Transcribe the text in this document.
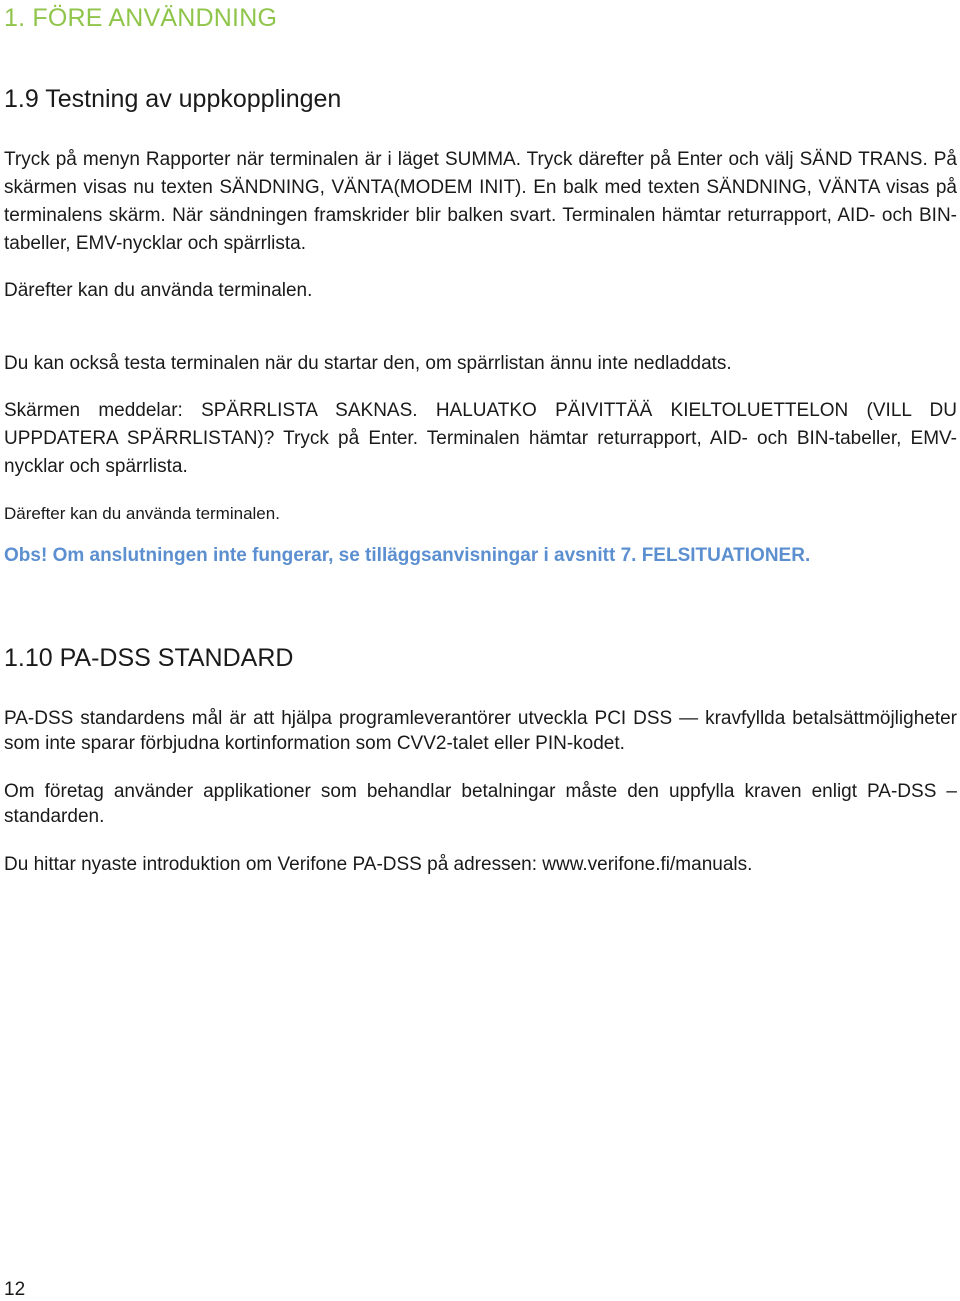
1. FÖRE ANVÄNDNING
1.9 Testning av uppkopplingen

Tryck på menyn Rapporter när terminalen är i läget SUMMA. Tryck därefter på Enter och välj SÄND TRANS. På skärmen visas nu texten SÄNDNING, VÄNTA(MODEM INIT). En balk med texten SÄNDNING, VÄNTA visas på terminalens skärm. När sändningen framskrider blir balken svart. Terminalen hämtar returrapport, AID- och BIN-tabeller, EMV-nycklar och spärrlista.

Därefter kan du använda terminalen.

Du kan också testa terminalen när du startar den, om spärrlistan ännu inte nedladdats.

Skärmen meddelar: SPÄRRLISTA SAKNAS. HALUATKO PÄIVITTÄÄ KIELTOLUETTELON (VILL DU UPPDATERA SPÄRRLISTAN)? Tryck på Enter. Terminalen hämtar returrapport, AID- och BIN-tabeller, EMV-nycklar och spärrlista.

Därefter kan du använda terminalen.

Obs! Om anslutningen inte fungerar, se tilläggsanvisningar i avsnitt 7. FELSITUATIONER.

1.10 PA-DSS STANDARD

PA-DSS standardens mål är att hjälpa programleverantörer utveckla PCI DSS — kravfyllda betalsättmöjligheter som inte sparar förbjudna kortinformation som CVV2-talet eller PIN-kodet.

Om företag använder applikationer som behandlar betalningar måste den uppfylla kraven enligt PA-DSS – standarden.

Du hittar nyaste introduktion om Verifone PA-DSS på adressen: www.verifone.fi/manuals.

12
